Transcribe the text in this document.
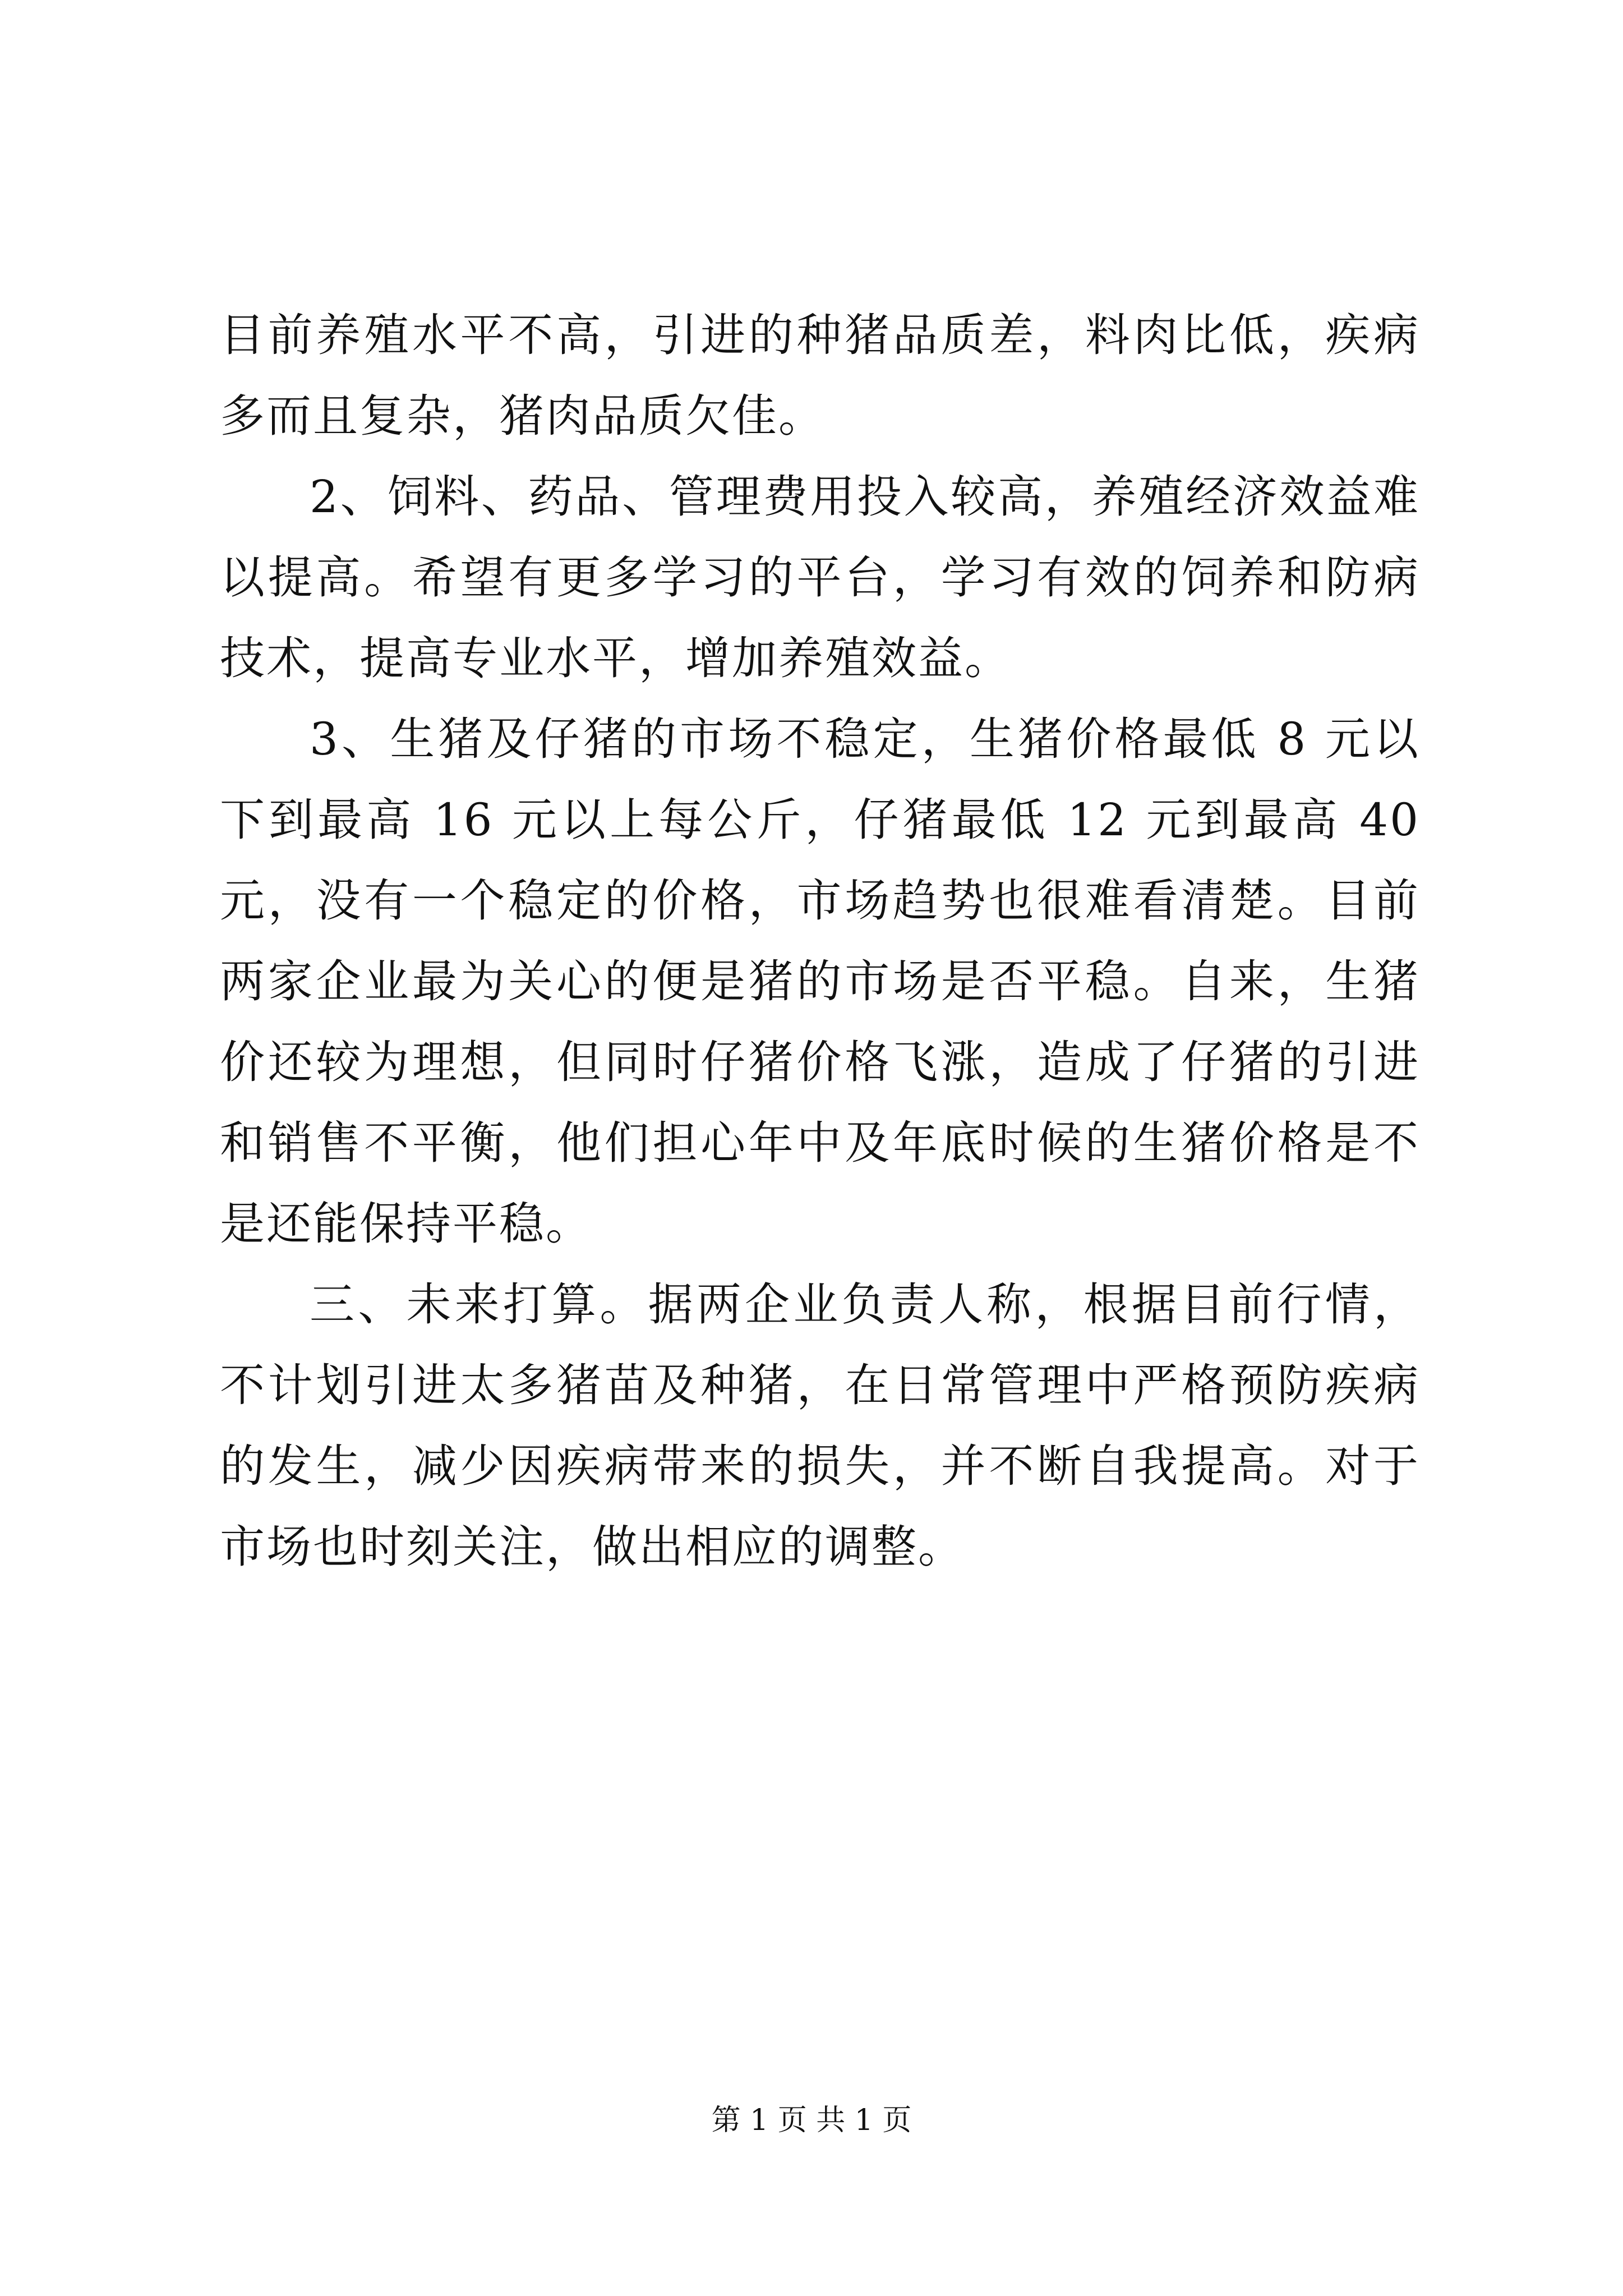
目前养殖水平不高，引进的种猪品质差，料肉比低，疾病多而且复杂，猪肉品质欠佳。

2、饲料、药品、管理费用投入较高，养殖经济效益难以提高。希望有更多学习的平台，学习有效的饲养和防病技术，提高专业水平，增加养殖效益。

3、生猪及仔猪的市场不稳定，生猪价格最低 8 元以下到最高 16 元以上每公斤，仔猪最低 12 元到最高 40 元，没有一个稳定的价格，市场趋势也很难看清楚。目前两家企业最为关心的便是猪的市场是否平稳。自来，生猪价还较为理想，但同时仔猪价格飞涨，造成了仔猪的引进和销售不平衡，他们担心年中及年底时候的生猪价格是不是还能保持平稳。

三、未来打算。据两企业负责人称，根据目前行情，不计划引进太多猪苗及种猪，在日常管理中严格预防疾病的发生，减少因疾病带来的损失，并不断自我提高。对于市场也时刻关注，做出相应的调整。

第 1 页 共 1 页
